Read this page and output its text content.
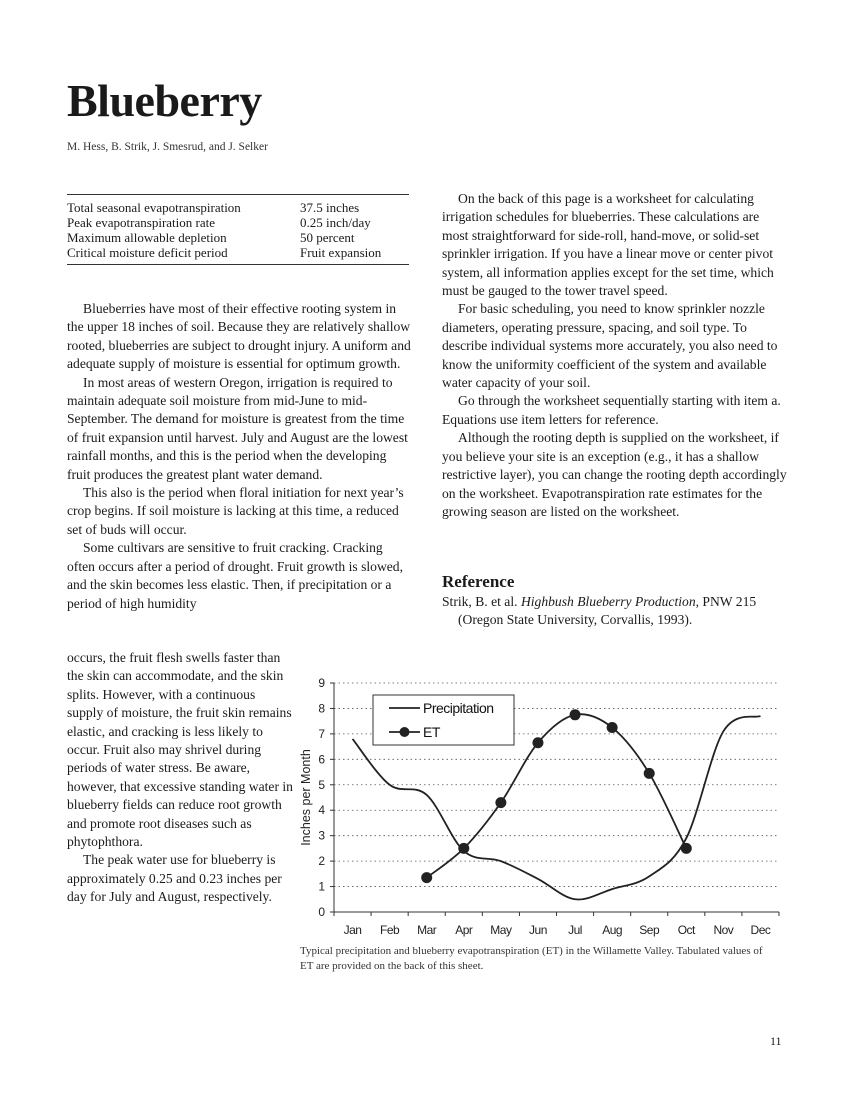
Blueberry
M. Hess, B. Strik, J. Smesrud, and J. Selker
Total seasonal evapotranspiration	37.5 inches
Peak evapotranspiration rate	0.25 inch/day
Maximum allowable depletion	50 percent
Critical moisture deficit period	Fruit expansion

Blueberries have most of their effective rooting system in the upper 18 inches of soil. Because they are relatively shallow rooted, blueberries are subject to drought injury. A uniform and adequate supply of moisture is essential for optimum growth.

In most areas of western Oregon, irrigation is required to maintain adequate soil moisture from mid-June to mid-September. The demand for moisture is greatest from the time of fruit expansion until harvest. July and August are the lowest rainfall months, and this is the period when the developing fruit produces the greatest plant water demand.

This also is the period when floral initiation for next year’s crop begins. If soil moisture is lacking at this time, a reduced set of buds will occur.

Some cultivars are sensitive to fruit cracking. Cracking often occurs after a period of drought. Fruit growth is slowed, and the skin becomes less elastic. Then, if precipitation or a period of high humidity

occurs, the fruit flesh swells faster than the skin can accommodate, and the skin splits. However, with a continuous supply of moisture, the fruit skin remains elastic, and cracking is less likely to occur. Fruit also may shrivel during periods of water stress. Be aware, however, that excessive standing water in blueberry fields can reduce root growth and promote root diseases such as phytophthora.

The peak water use for blueberry is approximately 0.25 and 0.23 inches per day for July and August, respectively.

On the back of this page is a worksheet for calculating irrigation schedules for blueberries. These calculations are most straightforward for side-roll, hand-move, or solid-set sprinkler irrigation. If you have a linear move or center pivot system, all information applies except for the set time, which must be gauged to the tower travel speed.

For basic scheduling, you need to know sprinkler nozzle diameters, operating pressure, spacing, and soil type. To describe individual systems more accurately, you also need to know the uniformity coefficient of the system and available water capacity of your soil.

Go through the worksheet sequentially starting with item a. Equations use item letters for reference.

Although the rooting depth is supplied on the worksheet, if you believe your site is an exception (e.g., it has a shallow restrictive layer), you can change the rooting depth accordingly on the worksheet. Evapotranspiration rate estimates for the growing season are listed on the worksheet.

Reference
Strik, B. et al. Highbush Blueberry Production, PNW 215 (Oregon State University, Corvallis, 1993).
0
1
2
3
4
5
6
7
8
9
Jan Feb Mar Apr May Jun Jul Aug Sep Oct Nov Dec
Inches per Month
Precipitation
ET
Typical precipitation and blueberry evapotranspiration (ET) in the Willamette Valley. Tabulated values of ET are provided on the back of this sheet.
11
